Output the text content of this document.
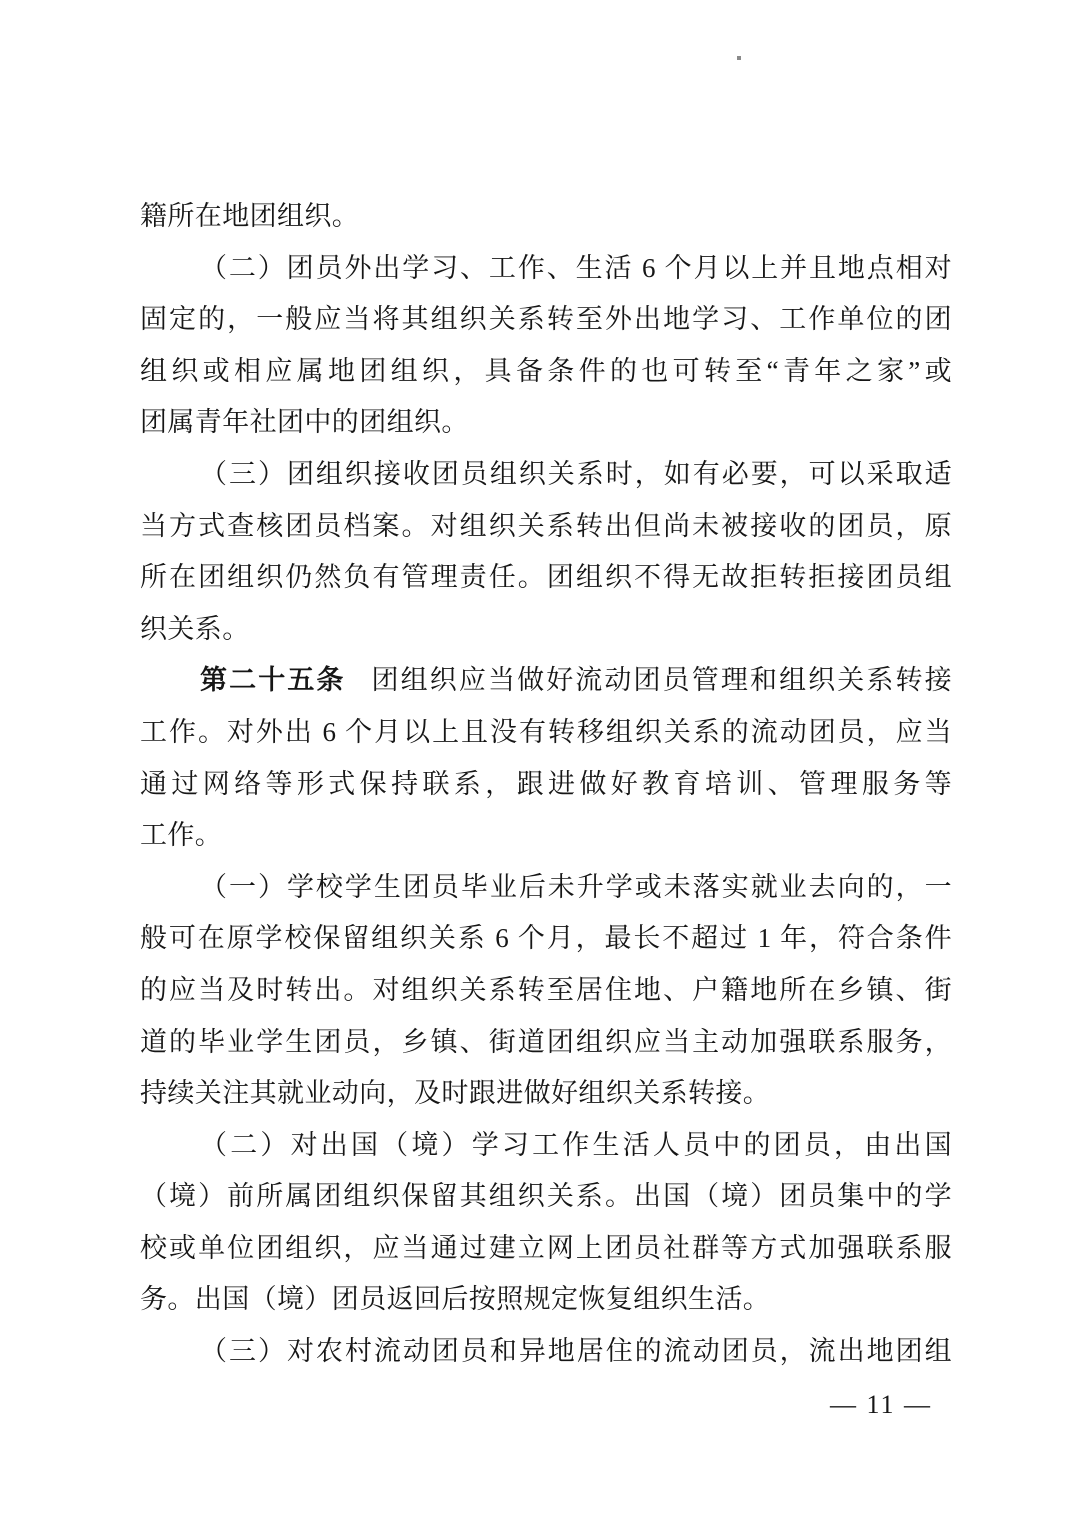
籍所在地团组织。
（二）团员外出学习、工作、生活 6 个月以上并且地点相对
固定的，一般应当将其组织关系转至外出地学习、工作单位的团
组织或相应属地团组织，具备条件的也可转至“青年之家”或
团属青年社团中的团组织。
（三）团组织接收团员组织关系时，如有必要，可以采取适
当方式查核团员档案。对组织关系转出但尚未被接收的团员，原
所在团组织仍然负有管理责任。团组织不得无故拒转拒接团员组
织关系。
第二十五条 团组织应当做好流动团员管理和组织关系转接
工作。对外出 6 个月以上且没有转移组织关系的流动团员，应当
通过网络等形式保持联系，跟进做好教育培训、管理服务等
工作。
（一）学校学生团员毕业后未升学或未落实就业去向的，一
般可在原学校保留组织关系 6 个月，最长不超过 1 年，符合条件
的应当及时转出。对组织关系转至居住地、户籍地所在乡镇、街
道的毕业学生团员，乡镇、街道团组织应当主动加强联系服务，
持续关注其就业动向，及时跟进做好组织关系转接。
（二）对出国（境）学习工作生活人员中的团员，由出国
（境）前所属团组织保留其组织关系。出国（境）团员集中的学
校或单位团组织，应当通过建立网上团员社群等方式加强联系服
务。出国（境）团员返回后按照规定恢复组织生活。
（三）对农村流动团员和异地居住的流动团员，流出地团组
— 11 —
